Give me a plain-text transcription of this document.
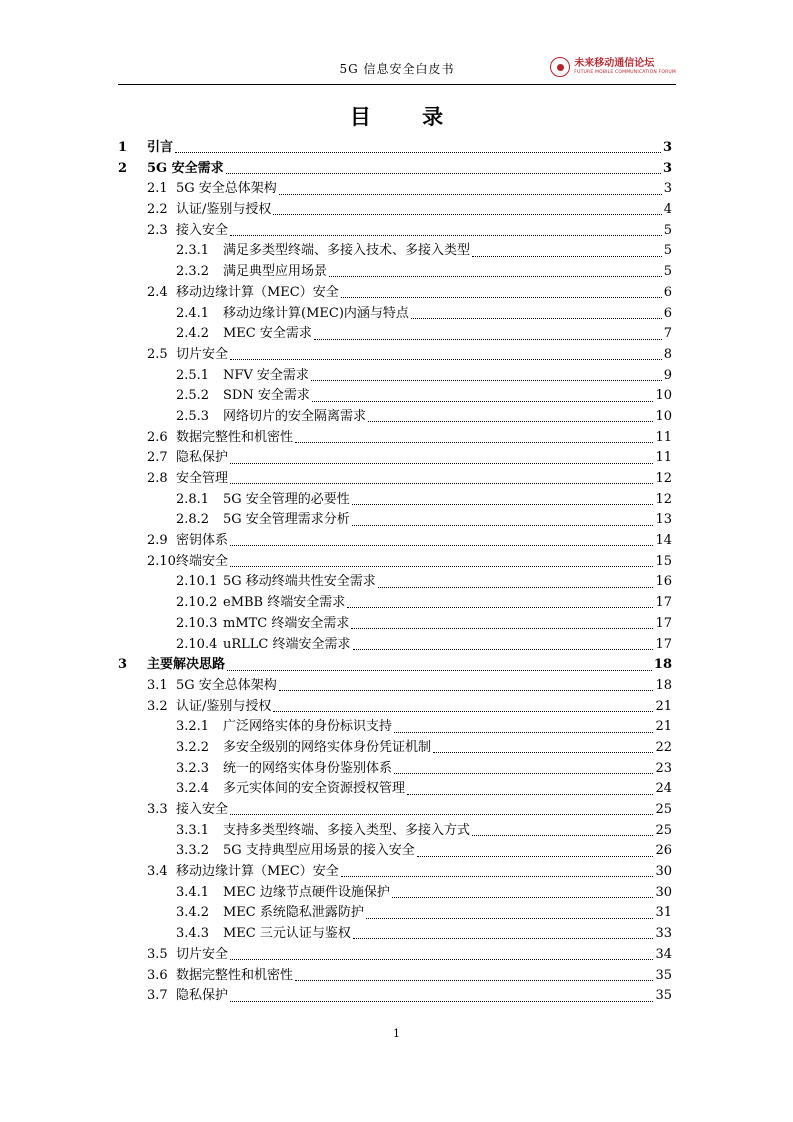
5G 信息安全白皮书	未来移动通信论坛
FUTURE MOBILE COMMUNICATION FORUM
目 录
1 引言	3
2 5G 安全需求	3
2.1 5G 安全总体架构	3
2.2 认证/鉴别与授权	4
2.3 接入安全	5
2.3.1 满足多类型终端、多接入技术、多接入类型	5
2.3.2 满足典型应用场景	5
2.4 移动边缘计算（MEC）安全	6
2.4.1 移动边缘计算(MEC)内涵与特点	6
2.4.2 MEC 安全需求	7
2.5 切片安全	8
2.5.1 NFV 安全需求	9
2.5.2 SDN 安全需求	10
2.5.3 网络切片的安全隔离需求	10
2.6 数据完整性和机密性	11
2.7 隐私保护	11
2.8 安全管理	12
2.8.1 5G 安全管理的必要性	12
2.8.2 5G 安全管理需求分析	13
2.9 密钥体系	14
2.10终端安全	15
2.10.1 5G 移动终端共性安全需求	16
2.10.2 eMBB 终端安全需求	17
2.10.3 mMTC 终端安全需求	17
2.10.4 uRLLC 终端安全需求	17
3 主要解决思路	18
3.1 5G 安全总体架构	18
3.2 认证/鉴别与授权	21
3.2.1 广泛网络实体的身份标识支持	21
3.2.2 多安全级别的网络实体身份凭证机制	22
3.2.3 统一的网络实体身份鉴别体系	23
3.2.4 多元实体间的安全资源授权管理	24
3.3 接入安全	25
3.3.1 支持多类型终端、多接入类型、多接入方式	25
3.3.2 5G 支持典型应用场景的接入安全	26
3.4 移动边缘计算（MEC）安全	30
3.4.1 MEC 边缘节点硬件设施保护	30
3.4.2 MEC 系统隐私泄露防护	31
3.4.3 MEC 三元认证与鉴权	33
3.5 切片安全	34
3.6 数据完整性和机密性	35
3.7 隐私保护	35
1
